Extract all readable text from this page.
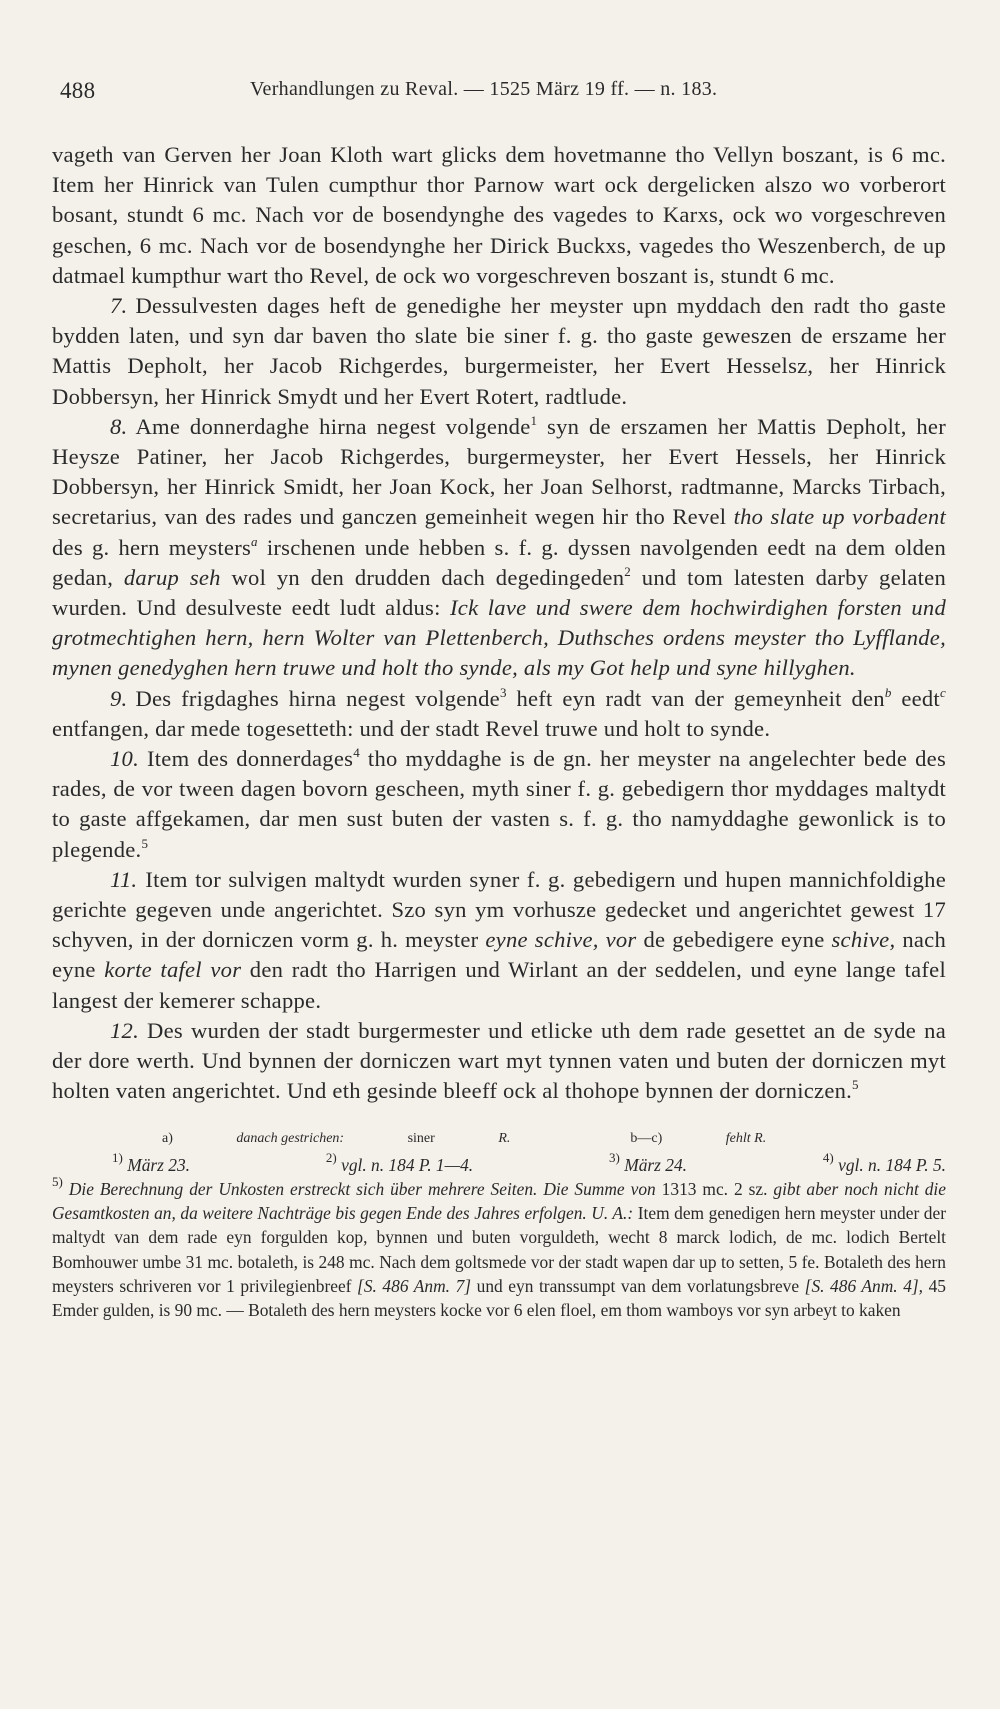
488	Verhandlungen zu Reval. — 1525 März 19 ff. — n. 183.

vageth van Gerven her Joan Kloth wart glicks dem hovetmanne tho Vellyn boszant, is 6 mc. Item her Hinrick van Tulen cumpthur thor Parnow wart ock dergelicken alszo wo vorberort bosant, stundt 6 mc. Nach vor de bosendynghe des vagedes to Karxs, ock wo vorgeschreven geschen, 6 mc. Nach vor de bosendynghe her Dirick Buckxs, vagedes tho Weszenberch, de up datmael kumpthur wart tho Revel, de ock wo vorgeschreven boszant is, stundt 6 mc.

7. Dessulvesten dages heft de genedighe her meyster upn myddach den radt tho gaste bydden laten, und syn dar baven tho slate bie siner f. g. tho gaste geweszen de erszame her Mattis Depholt, her Jacob Richgerdes, burgermeister, her Evert Hesselsz, her Hinrick Dobbersyn, her Hinrick Smydt und her Evert Rotert, radtlude.

8. Ame donnerdaghe hirna negest volgende$^1$ syn de erszamen her Mattis Depholt, her Heysze Patiner, her Jacob Richgerdes, burgermeyster, her Evert Hessels, her Hinrick Dobbersyn, her Hinrick Smidt, her Joan Kock, her Joan Selhorst, radtmanne, Marcks Tirbach, secretarius, van des rades und ganczen gemeinheit wegen hir tho Revel tho slate up vorbadent des g. hern meysters$^a$ irschenen unde hebben s. f. g. dyssen navolgenden eedt na dem olden gedan, darup seh wol yn den drudden dach degedingeden$^2$ und tom latesten darby gelaten wurden. Und desulveste eedt ludt aldus: Ick lave und swere dem hochwirdighen forsten und grotmechtighen hern, hern Wolter van Plettenberch, Duthsches ordens meyster tho Lyfflande, mynen genedyghen hern truwe und holt tho synde, als my Got help und syne hillyghen.

9. Des frigdaghes hirna negest volgende$^3$ heft eyn radt van der gemeynheit den$^b$ eedt$^c$ entfangen, dar mede togesetteth: und der stadt Revel truwe und holt to synde.

10. Item des donnerdages$^4$ tho myddaghe is de gn. her meyster na angelechter bede des rades, de vor tween dagen bovorn gescheen, myth siner f. g. gebedigern thor myddages maltydt to gaste affgekamen, dar men sust buten der vasten s. f. g. tho namyddaghe gewonlick is to plegende.$^5$

11. Item tor sulvigen maltydt wurden syner f. g. gebedigern und hupen mannichfoldighe gerichte gegeven unde angerichtet. Szo syn ym vorhusze gedecket und angerichtet gewest 17 schyven, in der dorniczen vorm g. h. meyster eyne schive, vor de gebedigere eyne schive, nach eyne korte tafel vor den radt tho Harrigen und Wirlant an der seddelen, und eyne lange tafel langest der kemerer schappe.

12. Des wurden der stadt burgermester und etlicke uth dem rade gesettet an de syde na der dore werth. Und bynnen der dorniczen wart myt tynnen vaten und buten der dorniczen myt holten vaten angerichtet. Und eth gesinde bleeff ock al thohope bynnen der dorniczen.$^5$

a)	danach gestrichen:	siner	R.	b—c)	fehlt R.

$^{1)}$ März 23.	$^{2)}$ vgl. n. 184 P. 1—4.	$^{3)}$ März 24.	$^{4)}$ vgl. n. 184 P. 5.

$^{5)}$ Die Berechnung der Unkosten erstreckt sich über mehrere Seiten. Die Summe von 1313 mc. 2 sz. gibt aber noch nicht die Gesamtkosten an, da weitere Nachträge bis gegen Ende des Jahres erfolgen. U. A.: Item dem genedigen hern meyster under der maltydt van dem rade eyn forgulden kop, bynnen und buten vorguldeth, wecht 8 marck lodich, de mc. lodich Bertelt Bomhouwer umbe 31 mc. botaleth, is 248 mc. Nach dem goltsmede vor der stadt wapen dar up to setten, 5 fe. Botaleth des hern meysters schriveren vor 1 privilegienbreef [S. 486 Anm. 7] und eyn transsumpt van dem vorlatungsbreve [S. 486 Anm. 4], 45 Emder gulden, is 90 mc. — Botaleth des hern meysters kocke vor 6 elen floel, em thom wamboys vor syn arbeyt to kaken
